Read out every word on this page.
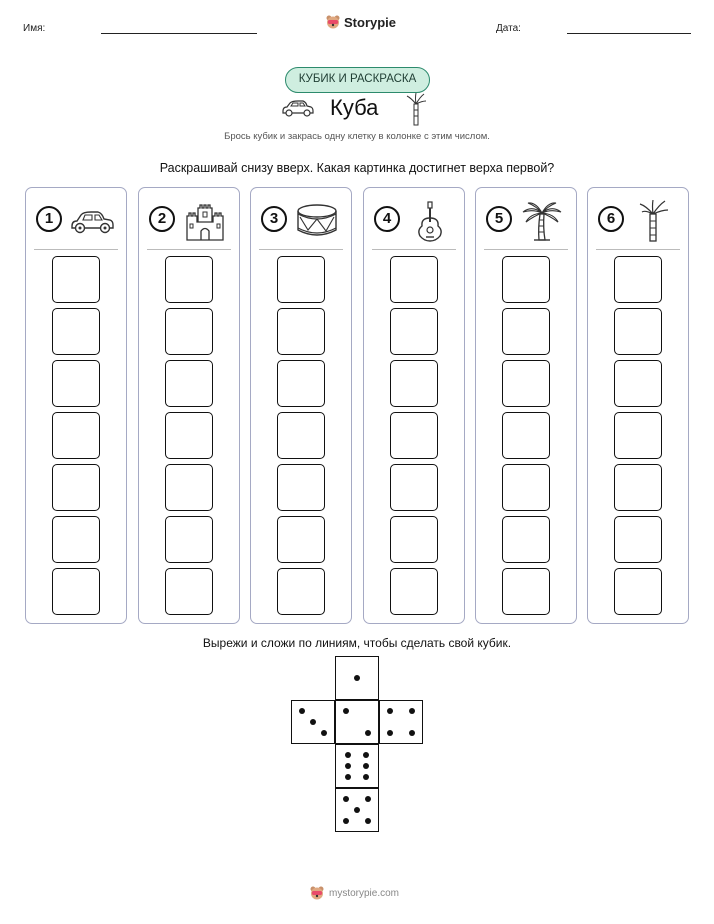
Имя:	Storypie	Дата:
КУБИК И РАСКРАСКА
Куба
Брось кубик и закрась одну клетку в колонке с этим числом.
Раскрашивай снизу вверх. Какая картинка достигнет верха первой?
1	2	3	4	5	6
Вырежи и сложи по линиям, чтобы сделать свой кубик.
mystorypie.com
